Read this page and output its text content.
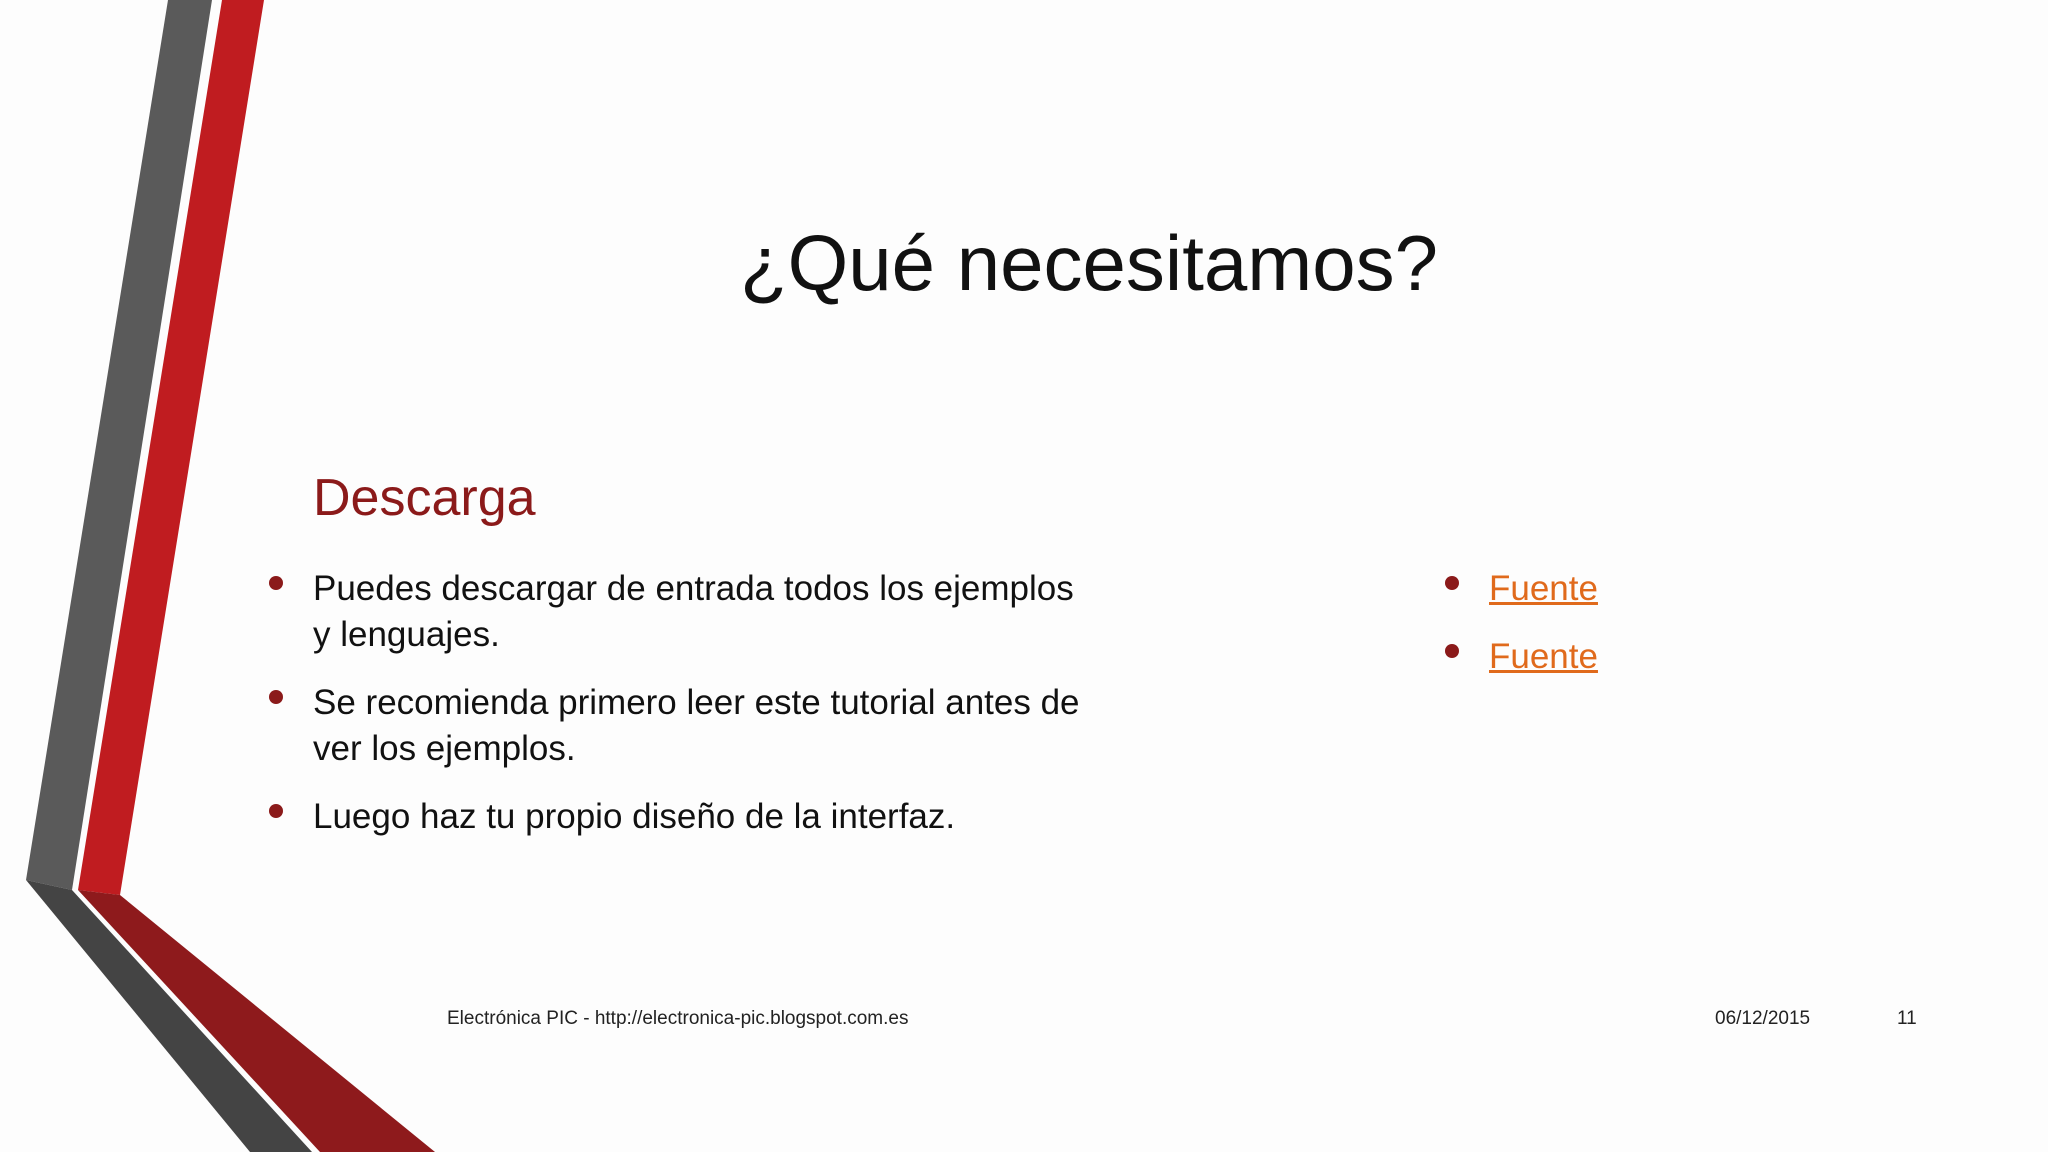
¿Qué necesitamos?
Descarga
Puedes descargar de entrada todos los ejemplos y lenguajes.
Se recomienda primero leer este tutorial antes de ver los ejemplos.
Luego haz tu propio diseño de la interfaz.
Fuente
Fuente
Electrónica PIC - http://electronica-pic.blogspot.com.es	06/12/2015	11
